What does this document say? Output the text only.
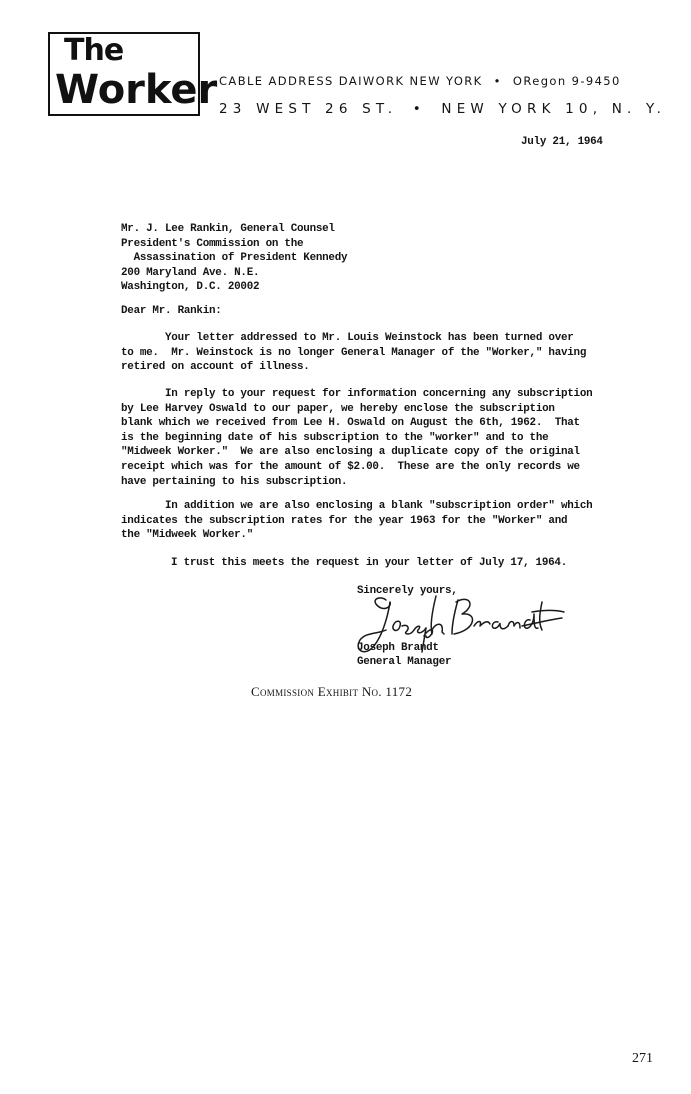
The
Worker CABLE ADDRESS DAIWORK NEW YORK • ORegon 9-9450
23 WEST 26 ST. • NEW YORK 10, N. Y.
July 21, 1964
Mr. J. Lee Rankin, General Counsel
President's Commission on the
Assassination of President Kennedy
200 Maryland Ave. N.E.
Washington, D.C. 20002
Dear Mr. Rankin:
Your letter addressed to Mr. Louis Weinstock has been turned over
to me.  Mr. Weinstock is no longer General Manager of the "Worker," having
retired on account of illness.
In reply to your request for information concerning any subscription
by Lee Harvey Oswald to our paper, we hereby enclose the subscription
blank which we received from Lee H. Oswald on August the 6th, 1962.  That
is the beginning date of his subscription to the "worker" and to the
"Midweek Worker."  We are also enclosing a duplicate copy of the original
receipt which was for the amount of $2.00.  These are the only records we
have pertaining to his subscription.
In addition we are also enclosing a blank "subscription order" which
indicates the subscription rates for the year 1963 for the "Worker" and
the "Midweek Worker."
I trust this meets the request in your letter of July 17, 1964.
Sincerely yours,
Joseph Brandt
General Manager
Commission Exhibit No. 1172
271
